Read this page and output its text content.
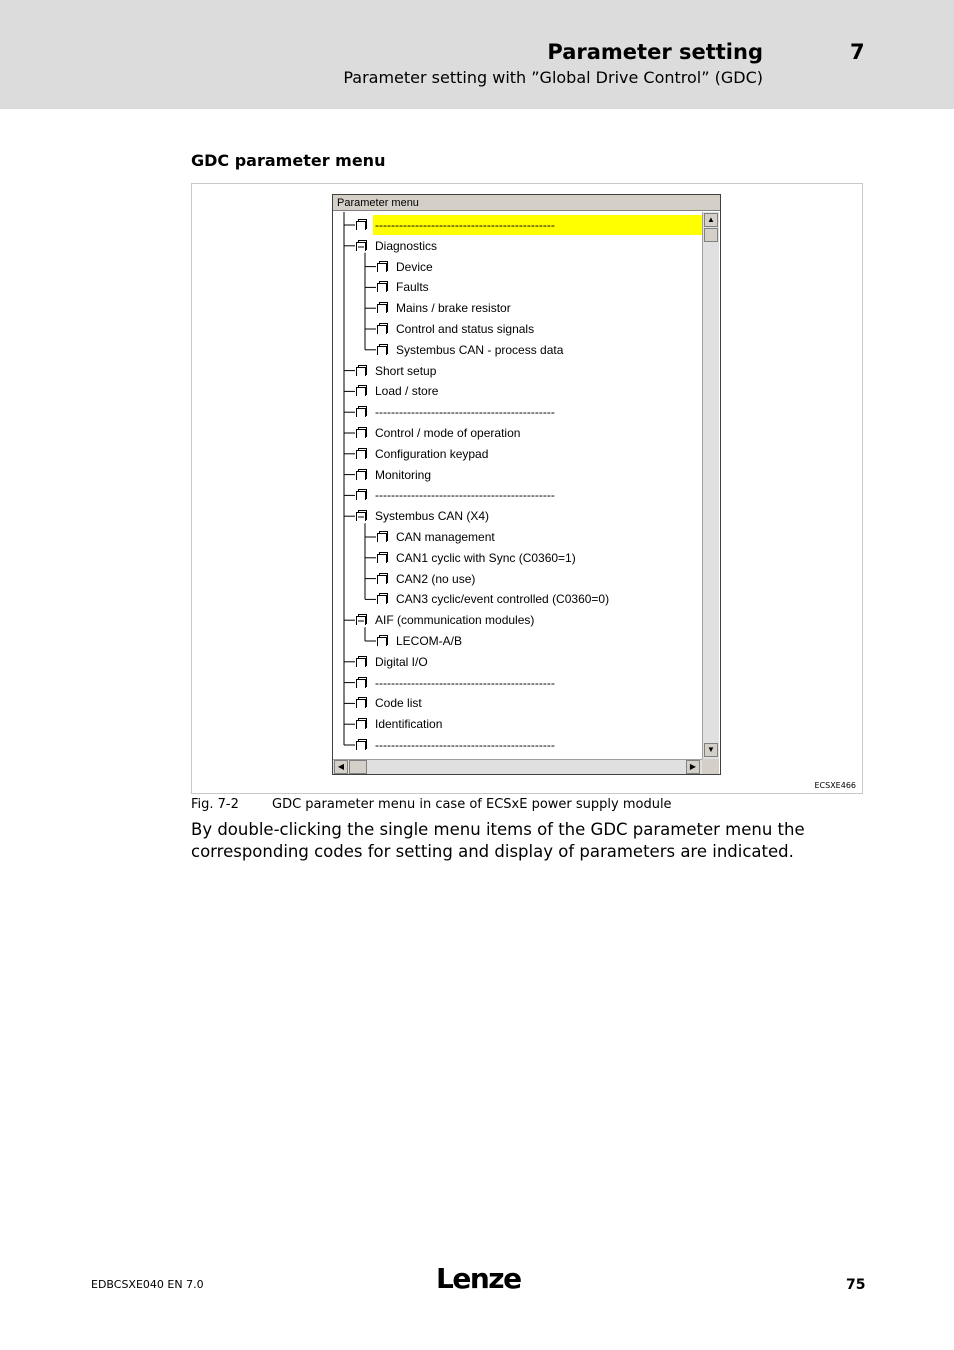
Parameter setting	7
Parameter setting with ”Global Drive Control” (GDC)
GDC parameter menu
Parameter menu
---------------------------------------------
Diagnostics
Device
Faults
Mains / brake resistor
Control and status signals
Systembus CAN - process data
Short setup
Load / store
---------------------------------------------
Control / mode of operation
Configuration keypad
Monitoring
---------------------------------------------
Systembus CAN (X4)
CAN management
CAN1 cyclic with Sync (C0360=1)
CAN2 (no use)
CAN3 cyclic/event controlled (C0360=0)
AIF (communication modules)
LECOM-A/B
Digital I/O
---------------------------------------------
Code list
Identification
---------------------------------------------
▲
▼
◀	▶
ECSXE466
Fig. 7-2	GDC parameter menu in case of ECSxE power supply module
By double-clicking the single menu items of the GDC parameter menu the corresponding codes for setting and display of parameters are indicated.
EDBCSXE040 EN 7.0	Lenze	75
